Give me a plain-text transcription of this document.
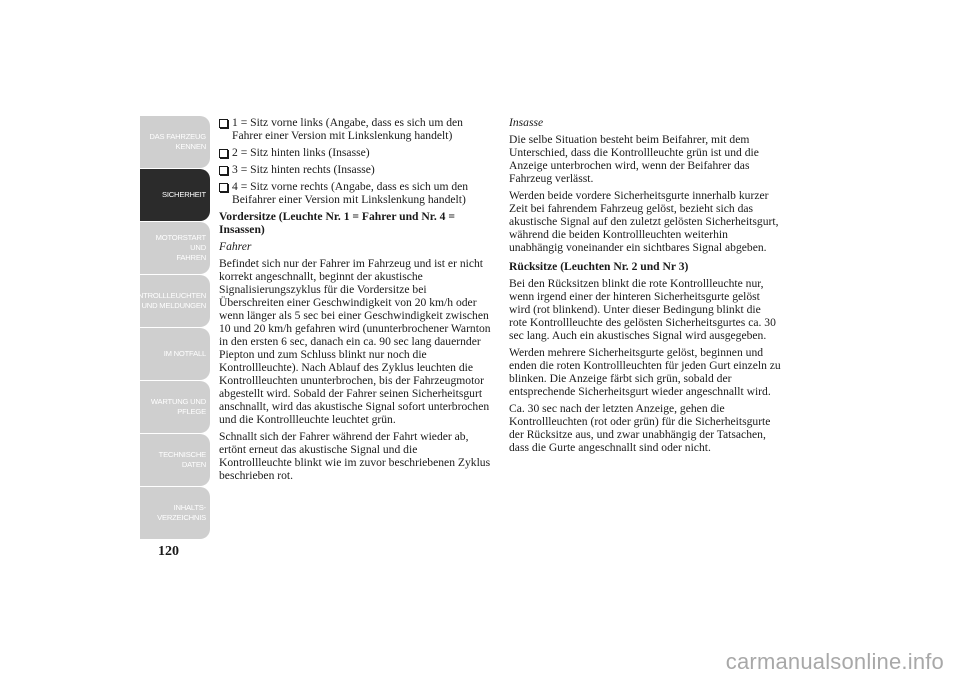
DAS FAHRZEUG
KENNEN
SICHERHEIT
MOTORSTART UND
FAHREN
KONTROLLLEUCHTEN
UND MELDUNGEN
IM NOTFALL
WARTUNG UND
PFLEGE
TECHNISCHE
DATEN
INHALTS-
VERZEICHNIS
120
1 = Sitz vorne links (Angabe, dass es sich um den Fahrer einer Version mit Linkslenkung handelt)
2 = Sitz hinten links (Insasse)
3 = Sitz hinten rechts (Insasse)
4 = Sitz vorne rechts (Angabe, dass es sich um den Beifahrer einer Version mit Linkslenkung handelt)

Vordersitze (Leuchte Nr. 1 = Fahrer und Nr. 4 = Insassen)

Fahrer

Befindet sich nur der Fahrer im Fahrzeug und ist er nicht korrekt angeschnallt, beginnt der akustische Signalisierungszyklus für die Vordersitze bei Überschreiten einer Geschwindigkeit von 20 km/h oder wenn länger als 5 sec bei einer Geschwindigkeit zwischen 10 und 20 km/h gefahren wird (ununterbrochener Warnton in den ersten 6 sec, danach ein ca. 90 sec lang dauernder Piepton und zum Schluss blinkt nur noch die Kontrollleuchte). Nach Ablauf des Zyklus leuchten die Kontrollleuchten ununterbrochen, bis der Fahrzeugmotor abgestellt wird. Sobald der Fahrer seinen Sicherheitsgurt anschnallt, wird das akustische Signal sofort unterbrochen und die Kontrollleuchte leuchtet grün.

Schnallt sich der Fahrer während der Fahrt wieder ab, ertönt erneut das akustische Signal und die Kontrollleuchte blinkt wie im zuvor beschriebenen Zyklus beschrieben rot.

Insasse

Die selbe Situation besteht beim Beifahrer, mit dem Unterschied, dass die Kontrollleuchte grün ist und die Anzeige unterbrochen wird, wenn der Beifahrer das Fahrzeug verlässt.

Werden beide vordere Sicherheitsgurte innerhalb kurzer Zeit bei fahrendem Fahrzeug gelöst, bezieht sich das akustische Signal auf den zuletzt gelösten Sicherheitsgurt, während die beiden Kontrollleuchten weiterhin unabhängig voneinander ein sichtbares Signal abgeben.

Rücksitze (Leuchten Nr. 2 und Nr 3)

Bei den Rücksitzen blinkt die rote Kontrollleuchte nur, wenn irgend einer der hinteren Sicherheitsgurte gelöst wird (rot blinkend). Unter dieser Bedingung blinkt die rote Kontrollleuchte des gelösten Sicherheitsgurtes ca. 30 sec lang. Auch ein akustisches Signal wird ausgegeben.

Werden mehrere Sicherheitsgurte gelöst, beginnen und enden die roten Kontrollleuchten für jeden Gurt einzeln zu blinken. Die Anzeige färbt sich grün, sobald der entsprechende Sicherheitsgurt wieder angeschnallt wird.

Ca. 30 sec nach der letzten Anzeige, gehen die Kontrollleuchten (rot oder grün) für die Sicherheitsgurte der Rücksitze aus, und zwar unabhängig der Tatsachen, dass die Gurte angeschnallt sind oder nicht.

carmanualsonline.info
